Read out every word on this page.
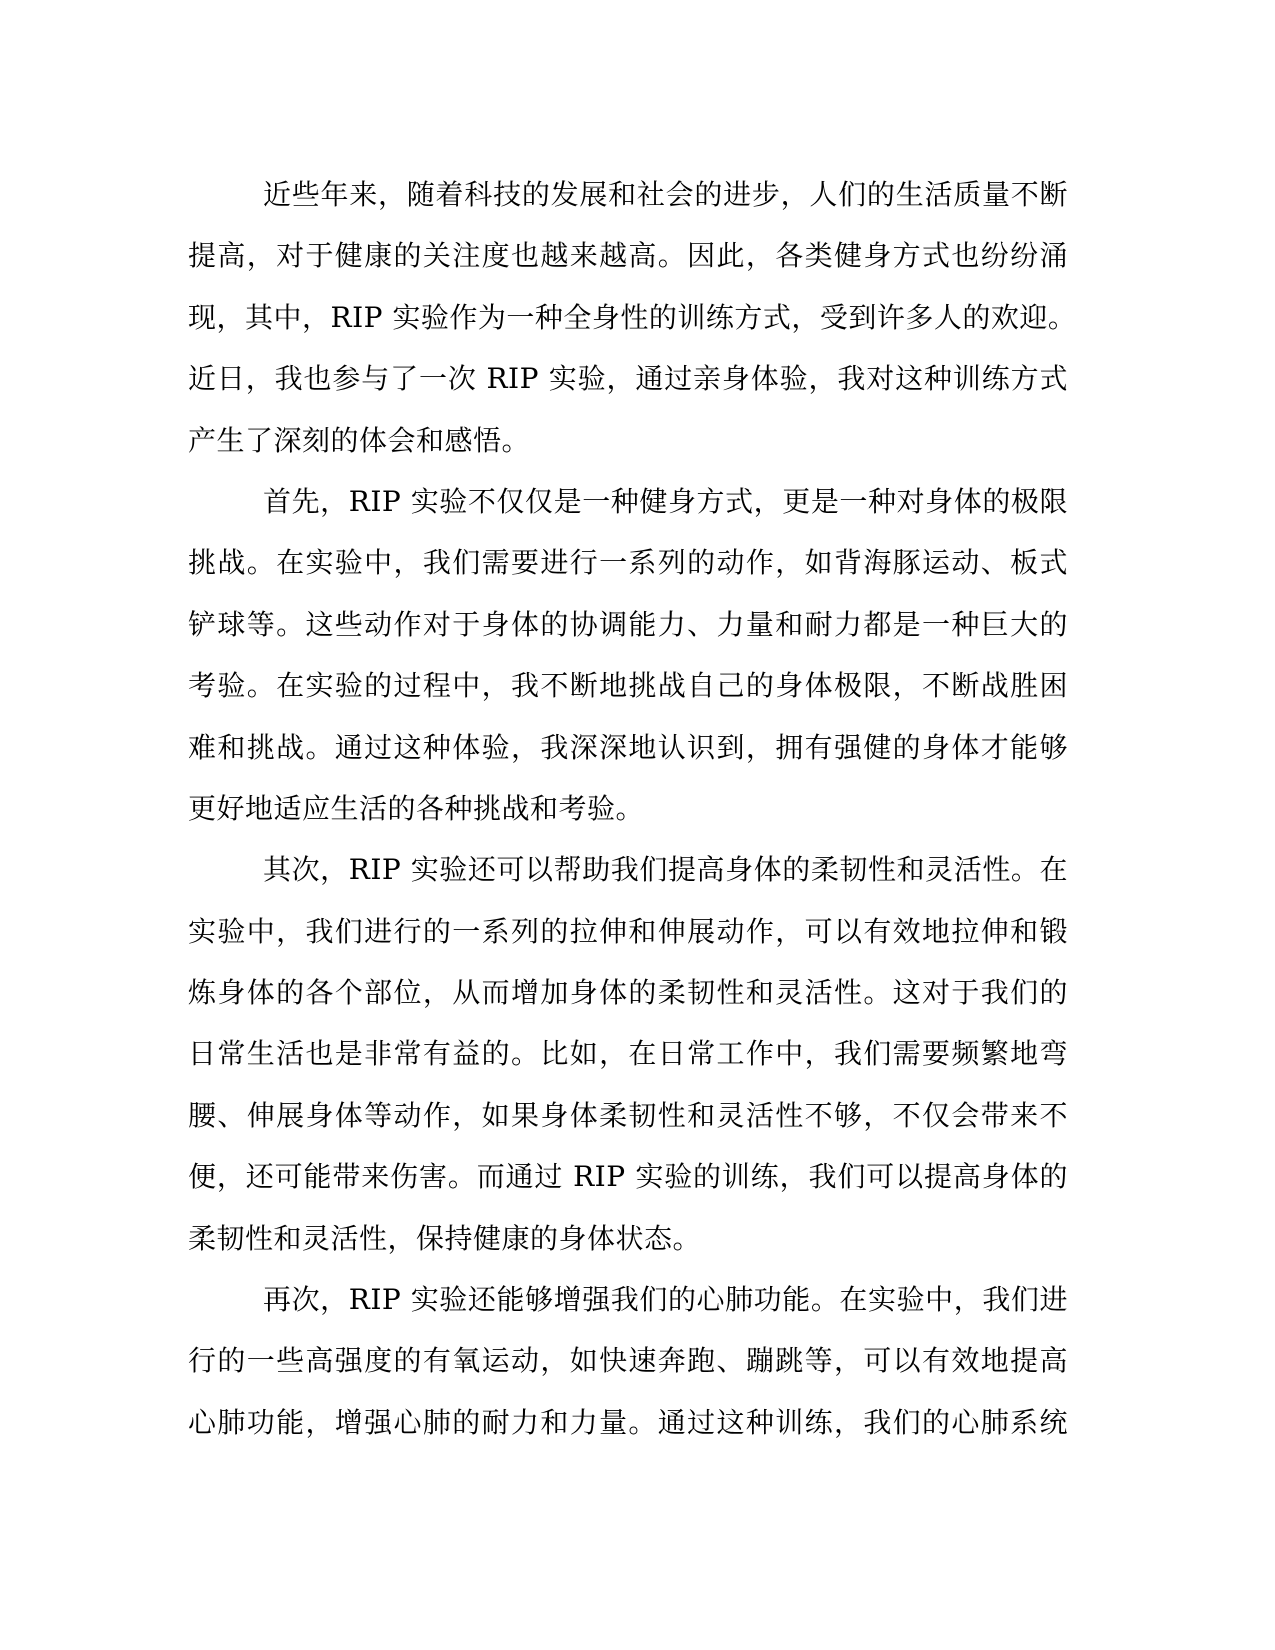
近些年来，随着科技的发展和社会的进步，人们的生活质量不断
提高，对于健康的关注度也越来越高。因此，各类健身方式也纷纷涌
现，其中，RIP 实验作为一种全身性的训练方式，受到许多人的欢迎。
近日，我也参与了一次 RIP 实验，通过亲身体验，我对这种训练方式
产生了深刻的体会和感悟。
首先，RIP 实验不仅仅是一种健身方式，更是一种对身体的极限
挑战。在实验中，我们需要进行一系列的动作，如背海豚运动、板式
铲球等。这些动作对于身体的协调能力、力量和耐力都是一种巨大的
考验。在实验的过程中，我不断地挑战自己的身体极限，不断战胜困
难和挑战。通过这种体验，我深深地认识到，拥有强健的身体才能够
更好地适应生活的各种挑战和考验。
其次，RIP 实验还可以帮助我们提高身体的柔韧性和灵活性。在
实验中，我们进行的一系列的拉伸和伸展动作，可以有效地拉伸和锻
炼身体的各个部位，从而增加身体的柔韧性和灵活性。这对于我们的
日常生活也是非常有益的。比如，在日常工作中，我们需要频繁地弯
腰、伸展身体等动作，如果身体柔韧性和灵活性不够，不仅会带来不
便，还可能带来伤害。而通过 RIP 实验的训练，我们可以提高身体的
柔韧性和灵活性，保持健康的身体状态。
再次，RIP 实验还能够增强我们的心肺功能。在实验中，我们进
行的一些高强度的有氧运动，如快速奔跑、蹦跳等，可以有效地提高
心肺功能，增强心肺的耐力和力量。通过这种训练，我们的心肺系统
